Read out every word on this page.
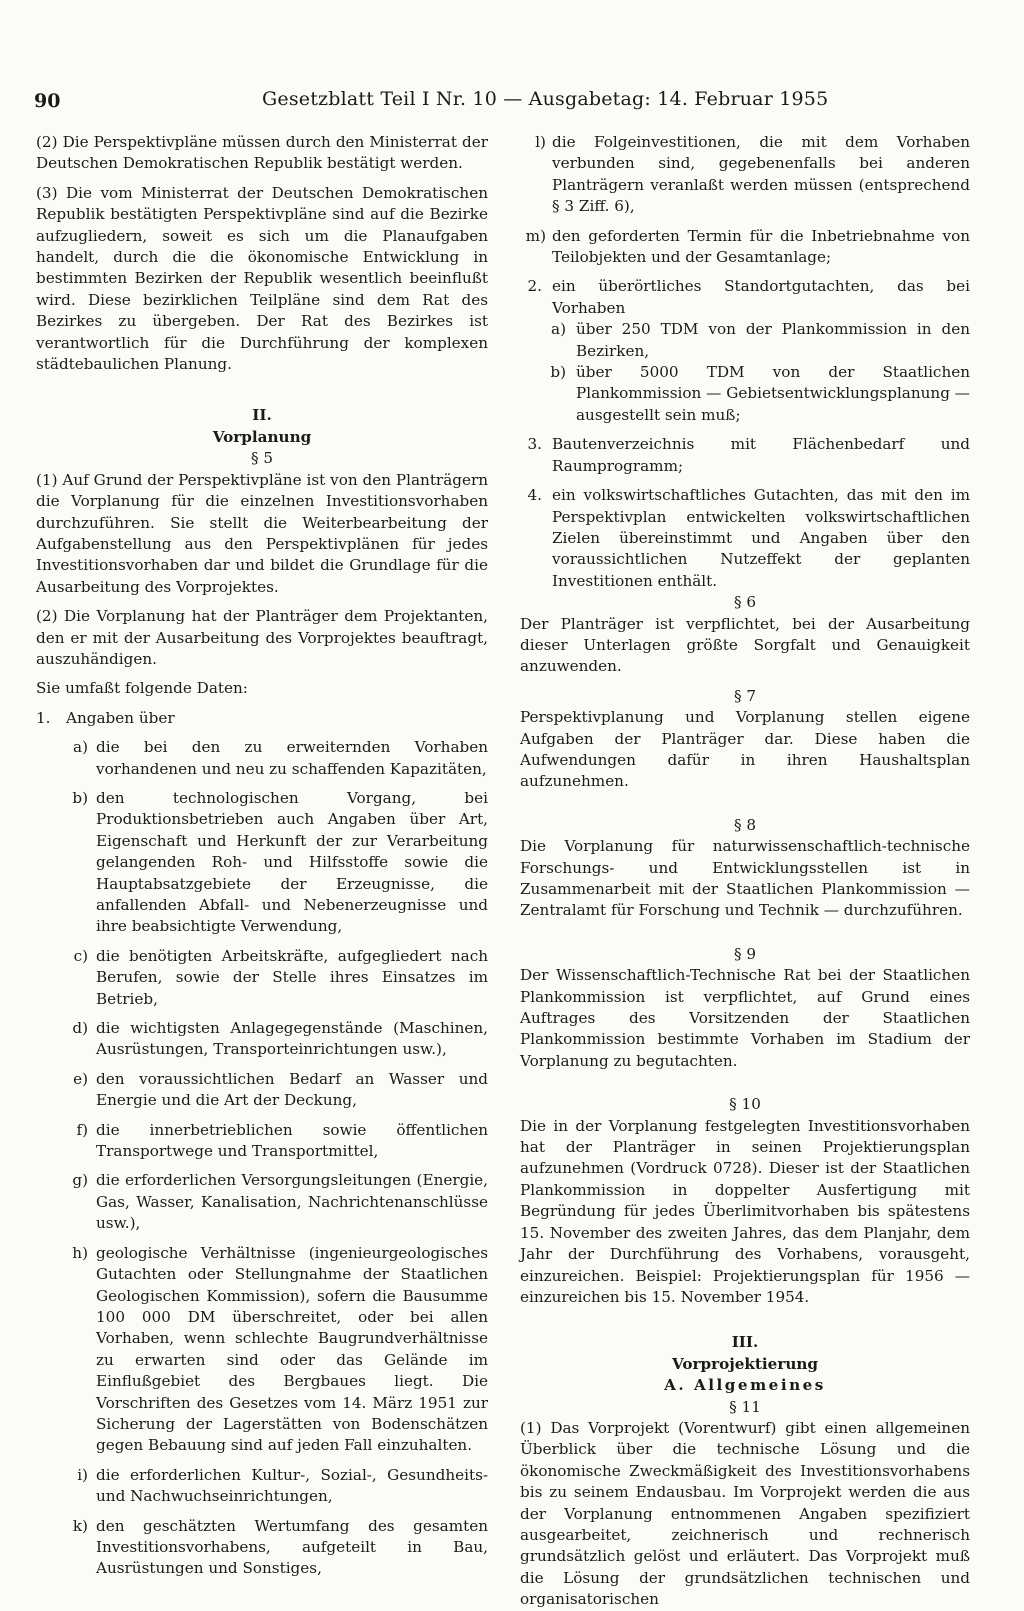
90	Gesetzblatt Teil I Nr. 10 — Ausgabetag: 14. Februar 1955

(2) Die Perspektivpläne müssen durch den Ministerrat der Deutschen Demokratischen Republik bestätigt werden.

(3) Die vom Ministerrat der Deutschen Demokratischen Republik bestätigten Perspektivpläne sind auf die Bezirke aufzugliedern, soweit es sich um die Planaufgaben handelt, durch die die ökonomische Entwicklung in bestimmten Bezirken der Republik wesentlich beeinflußt wird. Diese bezirklichen Teilpläne sind dem Rat des Bezirkes zu übergeben. Der Rat des Bezirkes ist verantwortlich für die Durchführung der komplexen städtebaulichen Planung.

II.

Vorplanung

§ 5

(1) Auf Grund der Perspektivpläne ist von den Planträgern die Vorplanung für die einzelnen Investitionsvorhaben durchzuführen. Sie stellt die Weiterbearbeitung der Aufgabenstellung aus den Perspektivplänen für jedes Investitionsvorhaben dar und bildet die Grundlage für die Ausarbeitung des Vorprojektes.

(2) Die Vorplanung hat der Planträger dem Projektanten, den er mit der Ausarbeitung des Vorprojektes beauftragt, auszuhändigen.

Sie umfaßt folgende Daten:

1.	Angaben über
a) die bei den zu erweiternden Vorhaben vorhandenen und neu zu schaffenden Kapazitäten,
b) den technologischen Vorgang, bei Produktionsbetrieben auch Angaben über Art, Eigenschaft und Herkunft der zur Verarbeitung gelangenden Roh- und Hilfsstoffe sowie die Hauptabsatzgebiete der Erzeugnisse, die anfallenden Abfall- und Nebenerzeugnisse und ihre beabsichtigte Verwendung,
c) die benötigten Arbeitskräfte, aufgegliedert nach Berufen, sowie der Stelle ihres Einsatzes im Betrieb,
d) die wichtigsten Anlagegegenstände (Maschinen, Ausrüstungen, Transporteinrichtungen usw.),
e) den voraussichtlichen Bedarf an Wasser und Energie und die Art der Deckung,
f) die innerbetrieblichen sowie öffentlichen Transportwege und Transportmittel,
g) die erforderlichen Versorgungsleitungen (Energie, Gas, Wasser, Kanalisation, Nachrichtenanschlüsse usw.),
h) geologische Verhältnisse (ingenieurgeologisches Gutachten oder Stellungnahme der Staatlichen Geologischen Kommission), sofern die Bausumme 100 000 DM überschreitet, oder bei allen Vorhaben, wenn schlechte Baugrundverhältnisse zu erwarten sind oder das Gelände im Einflußgebiet des Bergbaues liegt. Die Vorschriften des Gesetzes vom 14. März 1951 zur Sicherung der Lagerstätten von Bodenschätzen gegen Bebauung sind auf jeden Fall einzuhalten.
i) die erforderlichen Kultur-, Sozial-, Gesundheits- und Nachwuchseinrichtungen,
k) den geschätzten Wertumfang des gesamten Investitionsvorhabens, aufgeteilt in Bau, Ausrüstungen und Sonstiges,
l) die Folgeinvestitionen, die mit dem Vorhaben verbunden sind, gegebenenfalls bei anderen Planträgern veranlaßt werden müssen (entsprechend § 3 Ziff. 6),
m) den geforderten Termin für die Inbetriebnahme von Teilobjekten und der Gesamtanlage;
2. ein überörtliches Standortgutachten, das bei Vorhaben
a) über 250 TDM von der Plankommission in den Bezirken,
b) über 5000 TDM von der Staatlichen Plankommission — Gebietsentwicklungsplanung — ausgestellt sein muß;
3. Bautenverzeichnis mit Flächenbedarf und Raumprogramm;
4. ein volkswirtschaftliches Gutachten, das mit den im Perspektivplan entwickelten volkswirtschaftlichen Zielen übereinstimmt und Angaben über den voraussichtlichen Nutzeffekt der geplanten Investitionen enthält.

§ 6

Der Planträger ist verpflichtet, bei der Ausarbeitung dieser Unterlagen größte Sorgfalt und Genauigkeit anzuwenden.

§ 7

Perspektivplanung und Vorplanung stellen eigene Aufgaben der Planträger dar. Diese haben die Aufwendungen dafür in ihren Haushaltsplan aufzunehmen.

§ 8

Die Vorplanung für naturwissenschaftlich-technische Forschungs- und Entwicklungsstellen ist in Zusammenarbeit mit der Staatlichen Plankommission — Zentralamt für Forschung und Technik — durchzuführen.

§ 9

Der Wissenschaftlich-Technische Rat bei der Staatlichen Plankommission ist verpflichtet, auf Grund eines Auftrages des Vorsitzenden der Staatlichen Plankommission bestimmte Vorhaben im Stadium der Vorplanung zu begutachten.

§ 10

Die in der Vorplanung festgelegten Investitionsvorhaben hat der Planträger in seinen Projektierungsplan aufzunehmen (Vordruck 0728). Dieser ist der Staatlichen Plankommission in doppelter Ausfertigung mit Begründung für jedes Überlimitvorhaben bis spätestens 15. November des zweiten Jahres, das dem Planjahr, dem Jahr der Durchführung des Vorhabens, vorausgeht, einzureichen. Beispiel: Projektierungsplan für 1956 — einzureichen bis 15. November 1954.

III.

Vorprojektierung

A. Allgemeines

§ 11

(1) Das Vorprojekt (Vorentwurf) gibt einen allgemeinen Überblick über die technische Lösung und die ökonomische Zweckmäßigkeit des Investitionsvorhabens bis zu seinem Endausbau. Im Vorprojekt werden die aus der Vorplanung entnommenen Angaben spezifiziert ausgearbeitet, zeichnerisch und rechnerisch grundsätzlich gelöst und erläutert. Das Vorprojekt muß die Lösung der grundsätzlichen technischen und organisatorischen
